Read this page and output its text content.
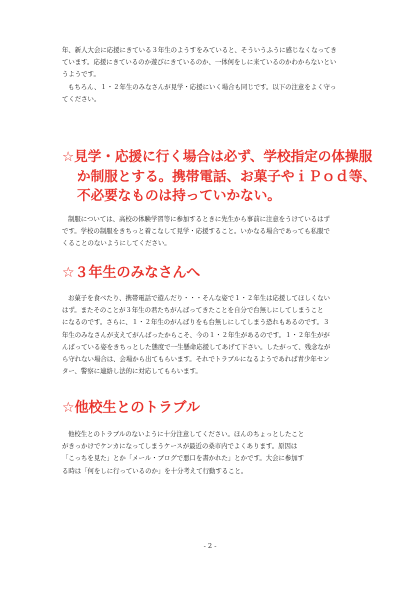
年、新人大会に応援にきている３年生のようすをみていると、そういうふうに感じなくなってき
ています。応援にきているのか遊びにきているのか、一体何をしに来ているのかわからないとい
うようです。
もちろん、１・２年生のみなさんが見学・応援にいく場合も同じです。以下の注意をよく守っ
てください。

☆見学・応援に行く場合は必ず、学校指定の体操服
か制服とする。携帯電話、お菓子やｉＰｏｄ等、
不必要なものは持っていかない。

制服については、高校の体験学習等に参加するときに先生から事前に注意をうけているはず
です。学校の制服をきちっと着こなして見学・応援すること。いかなる場合であっても私服で
くることのないようにしてください。

☆３年生のみなさんへ

お菓子を食べたり、携帯電話で遊んだり・・・そんな姿で１・２年生は応援してほしくない
はず。またそのことが３年生の君たちがんばってきたことを自分で台無しにしてしまうこと
になるのです。さらに、１・２年生のがんばりをも台無しにしてしまう恐れもあるのです。３
年生のみなさんが支えてがんばったからこそ、今の１・２年生があるのです。１・２年生がが
んばっている姿をきちっとした態度で一生懸命応援してあげて下さい。したがって、残念なが
ら守れない場合は、会場から出てもらいます。それでトラブルになるようであれば青少年セン
ター、警察に連絡し法的に対応してもらいます。

☆他校生とのトラブル

他校生とのトラブルのないように十分注意してください。ほんのちょっとしたこと
がきっかけでケンカになってしまうケースが最近の桑市内でよくあります。原因は
「こっちを見た」とか「メール・ブログで悪口を書かれた」とかです。大会に参加す
る時は「何をしに行っているのか」を十分考えて行動すること。

- 2 -
